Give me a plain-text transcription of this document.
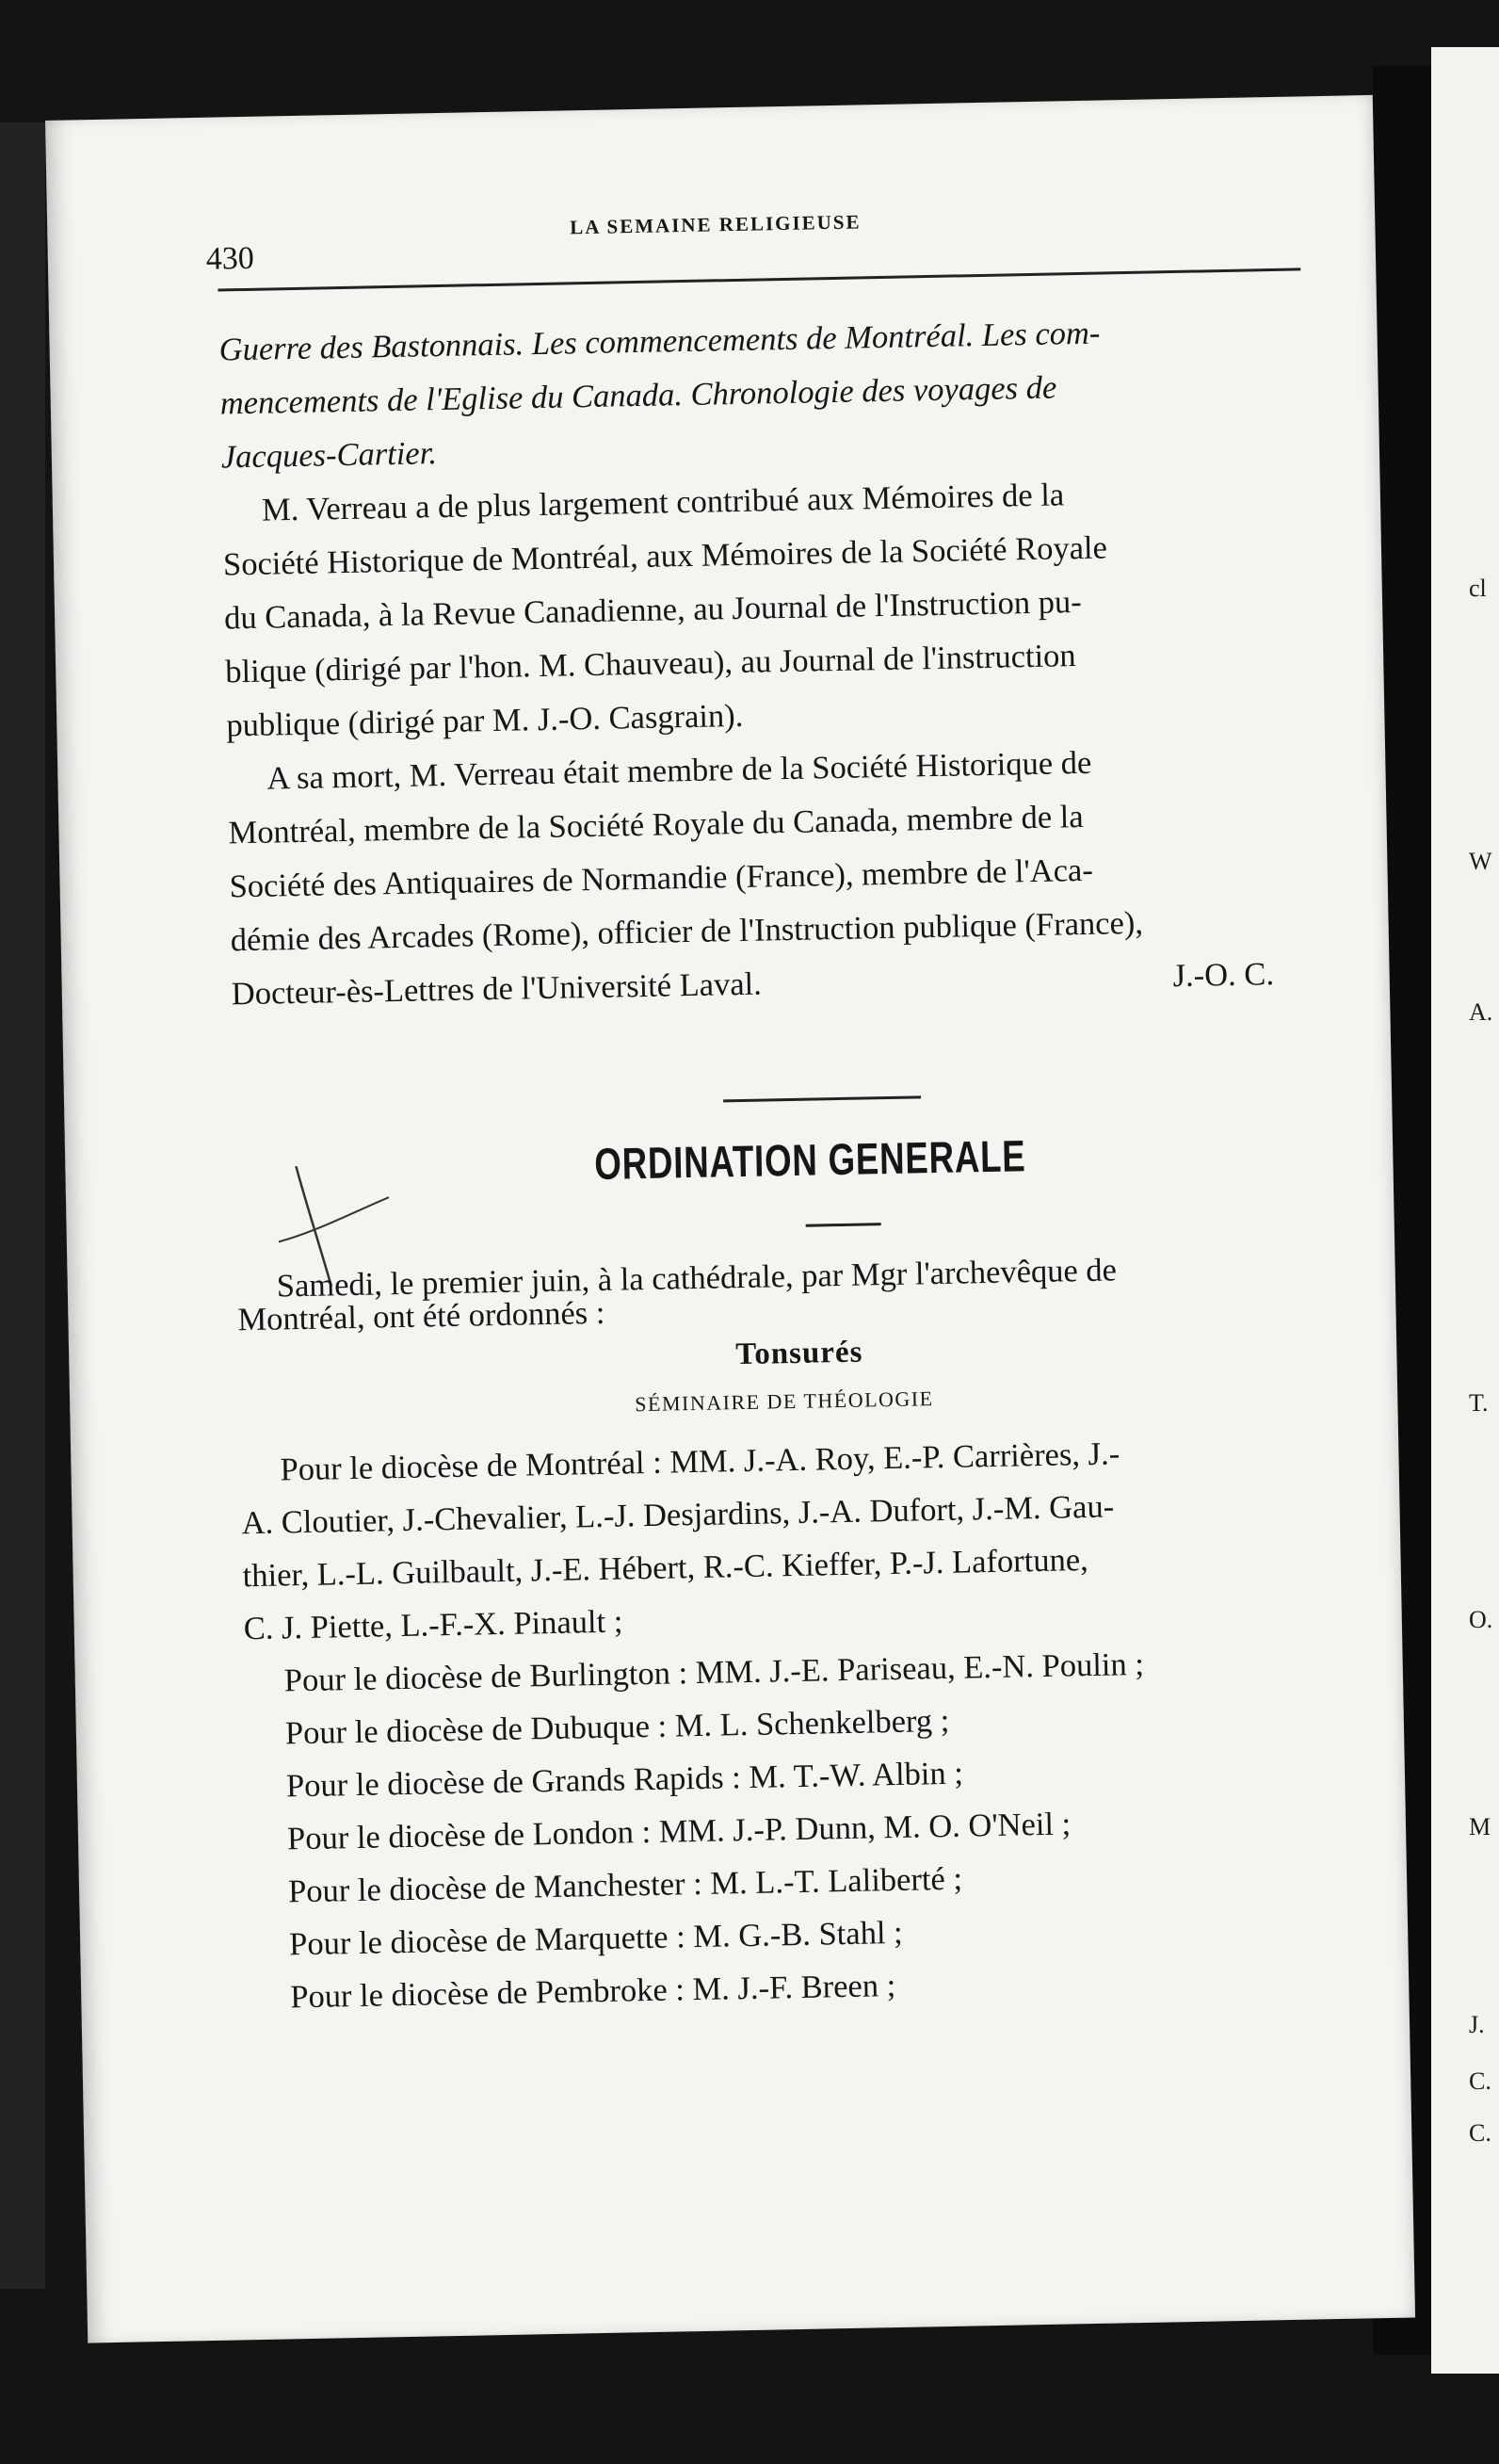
cl
W
A.
T.
O.
M
J.
C.
C.
430
LA SEMAINE RELIGIEUSE
Guerre des Bastonnais. Les commencements de Montréal. Les com-
mencements de l'Eglise du Canada. Chronologie des voyages de
Jacques-Cartier.
M. Verreau a de plus largement contribué aux Mémoires de la
Société Historique de Montréal, aux Mémoires de la Société Royale
du Canada, à la Revue Canadienne, au Journal de l'Instruction pu-
blique (dirigé par l'hon. M. Chauveau), au Journal de l'instruction
publique (dirigé par M. J.-O. Casgrain).
A sa mort, M. Verreau était membre de la Société Historique de
Montréal, membre de la Société Royale du Canada, membre de la
Société des Antiquaires de Normandie (France), membre de l'Aca-
démie des Arcades (Rome), officier de l'Instruction publique (France),
Docteur-ès-Lettres de l'Université Laval.	J.-O. C.
ORDINATION GENERALE
Samedi, le premier juin, à la cathédrale, par Mgr l'archevêque de
Montréal, ont été ordonnés :
Tonsurés
SÉMINAIRE DE THÉOLOGIE
Pour le diocèse de Montréal : MM. J.-A. Roy, E.-P. Carrières, J.-
A. Cloutier, J.-Chevalier, L.-J. Desjardins, J.-A. Dufort, J.-M. Gau-
thier, L.-L. Guilbault, J.-E. Hébert, R.-C. Kieffer, P.-J. Lafortune,
C. J. Piette, L.-F.-X. Pinault ;
Pour le diocèse de Burlington : MM. J.-E. Pariseau, E.-N. Poulin ;
Pour le diocèse de Dubuque : M. L. Schenkelberg ;
Pour le diocèse de Grands Rapids : M. T.-W. Albin ;
Pour le diocèse de London : MM. J.-P. Dunn, M. O. O'Neil ;
Pour le diocèse de Manchester : M. L.-T. Laliberté ;
Pour le diocèse de Marquette : M. G.-B. Stahl ;
Pour le diocèse de Pembroke : M. J.-F. Breen ;
